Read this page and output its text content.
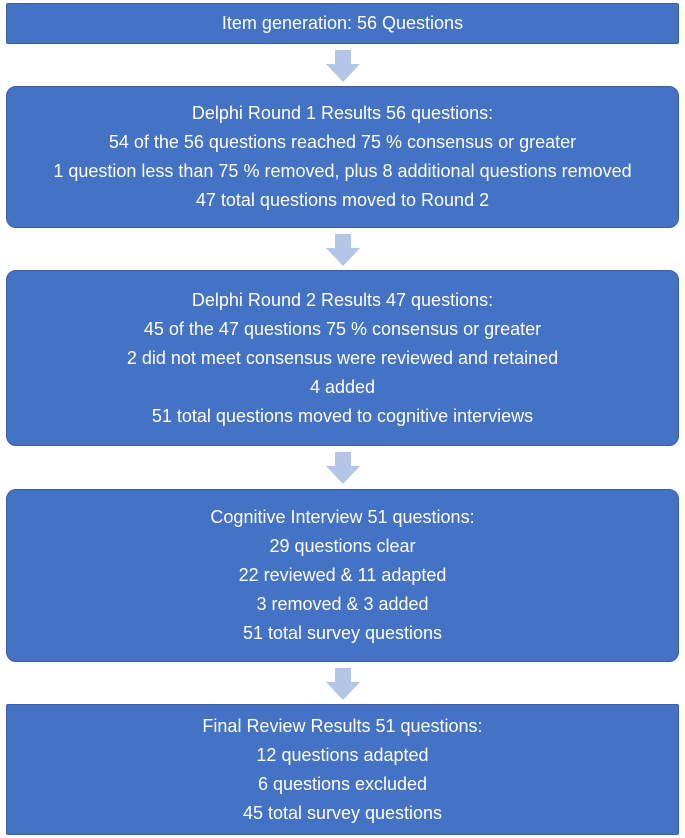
Item generation: 56 Questions
Delphi Round 1 Results 56 questions:
54 of the 56 questions reached 75 % consensus or greater
1 question less than 75 % removed, plus 8 additional questions removed
47 total questions moved to Round 2
Delphi Round 2 Results 47 questions:
45 of the 47 questions 75 % consensus or greater
2 did not meet consensus were reviewed and retained
4 added
51 total questions moved to cognitive interviews
Cognitive Interview 51 questions:
29 questions clear
22 reviewed & 11 adapted
3 removed & 3 added
51 total survey questions
Final Review Results 51 questions:
12 questions adapted
6 questions excluded
45 total survey questions
